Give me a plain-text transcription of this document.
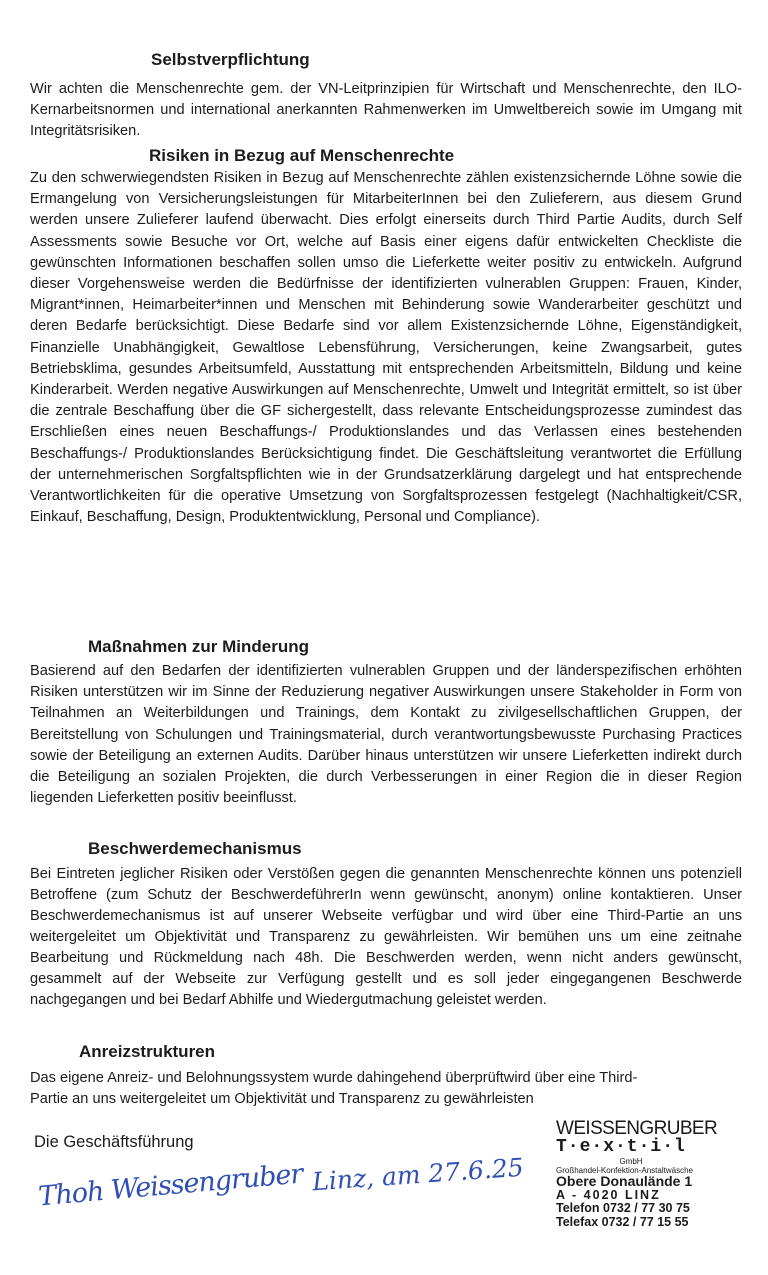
Selbstverpflichtung

Wir achten die Menschenrechte gem. der VN-Leitprinzipien für Wirtschaft und Menschenrechte, den ILO-Kernarbeitsnormen und international anerkannten Rahmenwerken im Umweltbereich sowie im Umgang mit Integritätsrisiken.

Risiken in Bezug auf Menschenrechte

Zu den schwerwiegendsten Risiken in Bezug auf Menschenrechte zählen existenzsichernde Löhne sowie die Ermangelung von Versicherungsleistungen für MitarbeiterInnen bei den Zulieferern, aus diesem Grund werden unsere Zulieferer laufend überwacht. Dies erfolgt einerseits durch Third Partie Audits, durch Self Assessments sowie Besuche vor Ort, welche auf Basis einer eigens dafür entwickelten Checkliste die gewünschten Informationen beschaffen sollen umso die Lieferkette weiter positiv zu entwickeln. Aufgrund dieser Vorgehensweise werden die Bedürfnisse der identifizierten vulnerablen Gruppen: Frauen, Kinder, Migrant*innen, Heimarbeiter*innen und Menschen mit Behinderung sowie Wanderarbeiter geschützt und deren Bedarfe berücksichtigt. Diese Bedarfe sind vor allem Existenzsichernde Löhne, Eigenständigkeit, Finanzielle Unabhängigkeit, Gewaltlose Lebensführung, Versicherungen, keine Zwangsarbeit, gutes Betriebsklima, gesundes Arbeitsumfeld, Ausstattung mit entsprechenden Arbeitsmitteln, Bildung und keine Kinderarbeit. Werden negative Auswirkungen auf Menschenrechte, Umwelt und Integrität ermittelt, so ist über die zentrale Beschaffung über die GF sichergestellt, dass relevante Entscheidungsprozesse zumindest das Erschließen eines neuen Beschaffungs-/ Produktionslandes und das Verlassen eines bestehenden Beschaffungs-/ Produktionslandes Berücksichtigung findet. Die Geschäftsleitung verantwortet die Erfüllung der unternehmerischen Sorgfaltspflichten wie in der Grundsatzerklärung dargelegt und hat entsprechende Verantwortlichkeiten für die operative Umsetzung von Sorgfaltsprozessen festgelegt (Nachhaltigkeit/CSR, Einkauf, Beschaffung, Design, Produktentwicklung, Personal und Compliance).

Maßnahmen zur Minderung

Basierend auf den Bedarfen der identifizierten vulnerablen Gruppen und der länderspezifischen erhöhten Risiken unterstützen wir im Sinne der Reduzierung negativer Auswirkungen unsere Stakeholder in Form von Teilnahmen an Weiterbildungen und Trainings, dem Kontakt zu zivilgesellschaftlichen Gruppen, der Bereitstellung von Schulungen und Trainingsmaterial, durch verantwortungsbewusste Purchasing Practices sowie der Beteiligung an externen Audits. Darüber hinaus unterstützen wir unsere Lieferketten indirekt durch die Beteiligung an sozialen Projekten, die durch Verbesserungen in einer Region die in dieser Region liegenden Lieferketten positiv beeinflusst.

Beschwerdemechanismus

Bei Eintreten jeglicher Risiken oder Verstößen gegen die genannten Menschenrechte können uns potenziell Betroffene (zum Schutz der BeschwerdeführerIn wenn gewünscht, anonym) online kontaktieren. Unser Beschwerdemechanismus ist auf unserer Webseite verfügbar und wird über eine Third-Partie an uns weitergeleitet um Objektivität und Transparenz zu gewährleisten. Wir bemühen uns um eine zeitnahe Bearbeitung und Rückmeldung nach 48h. Die Beschwerden werden, wenn nicht anders gewünscht, gesammelt auf der Webseite zur Verfügung gestellt und es soll jeder eingegangenen Beschwerde nachgegangen und bei Bedarf Abhilfe und Wiedergutmachung geleistet werden.

Anreizstrukturen
Das eigene Anreiz- und Belohnungssystem wurde dahingehend überprüftwird über eine Third-
Partie an uns weitergeleitet um Objektivität und Transparenz zu gewährleisten
Die Geschäftsführung
Thoh Weissengruber Linz, am 27.6.25
WEISSENGRUBER
T·e·x·t·i·l
GmbH
Großhandel-Konfektion-Anstaltwäsche
Obere Donaulände 1
A - 4020 LINZ
Telefon 0732 / 77 30 75
Telefax 0732 / 77 15 55
